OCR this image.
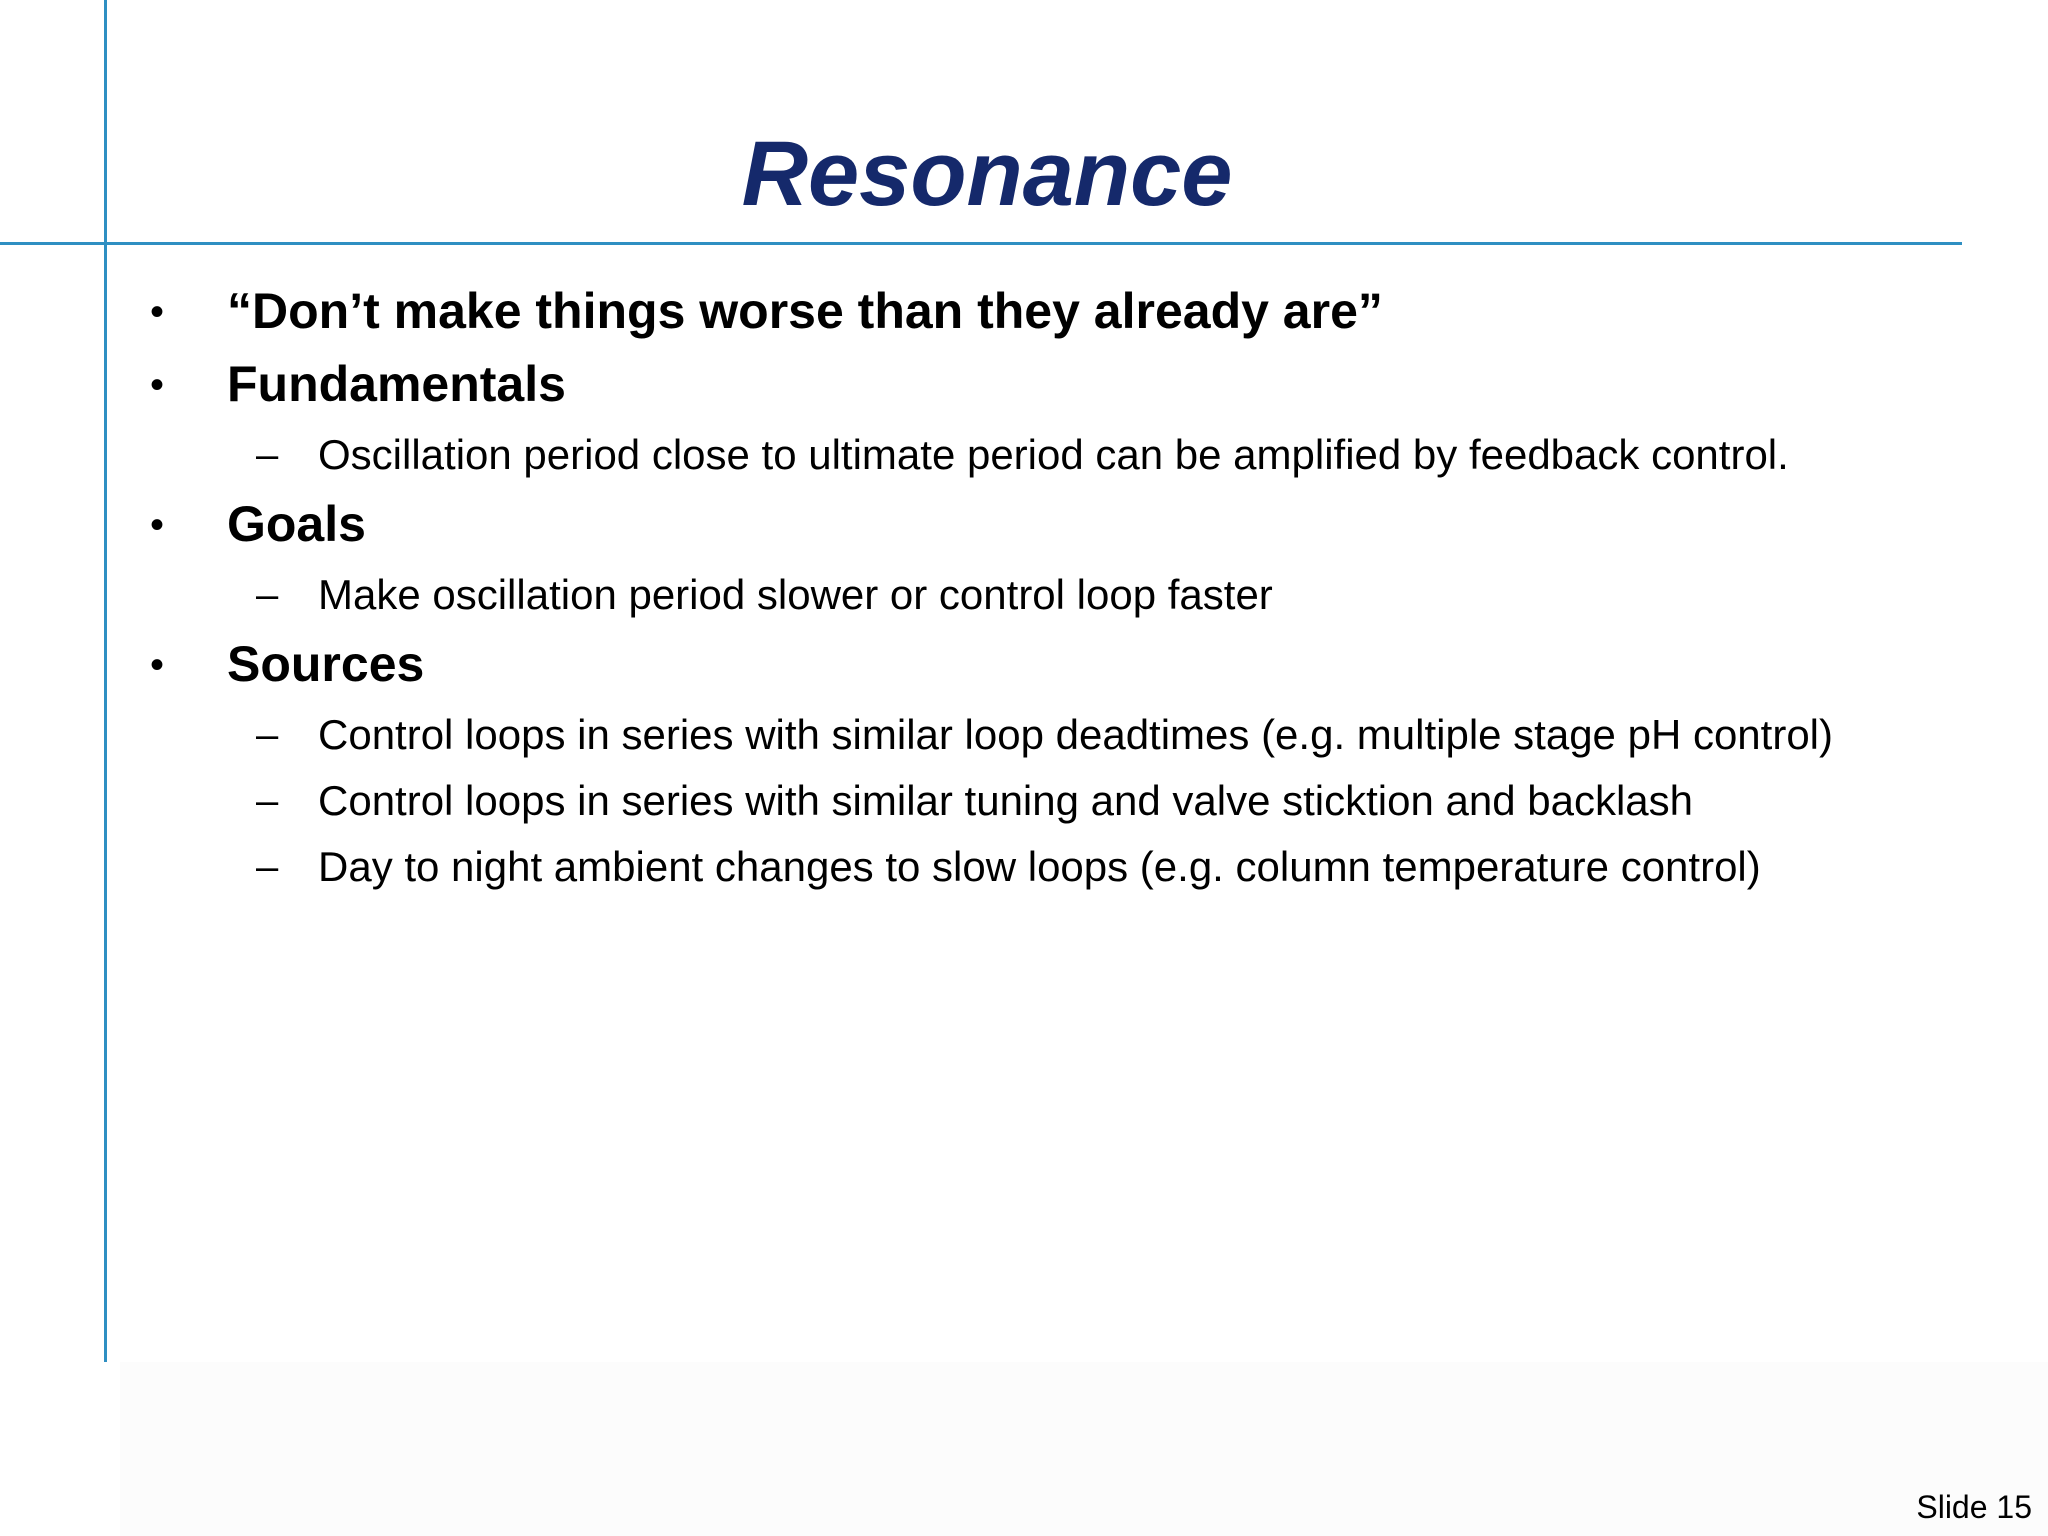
Resonance
• “Don’t make things worse than they already are”
• Fundamentals
– Oscillation period close to ultimate period can be amplified by feedback control.
• Goals
– Make oscillation period slower or control loop faster
• Sources
– Control loops in series with similar loop deadtimes (e.g. multiple stage pH control)
– Control loops in series with similar tuning and valve sticktion and backlash
– Day to night ambient changes to slow loops (e.g. column temperature control)
Slide 15
